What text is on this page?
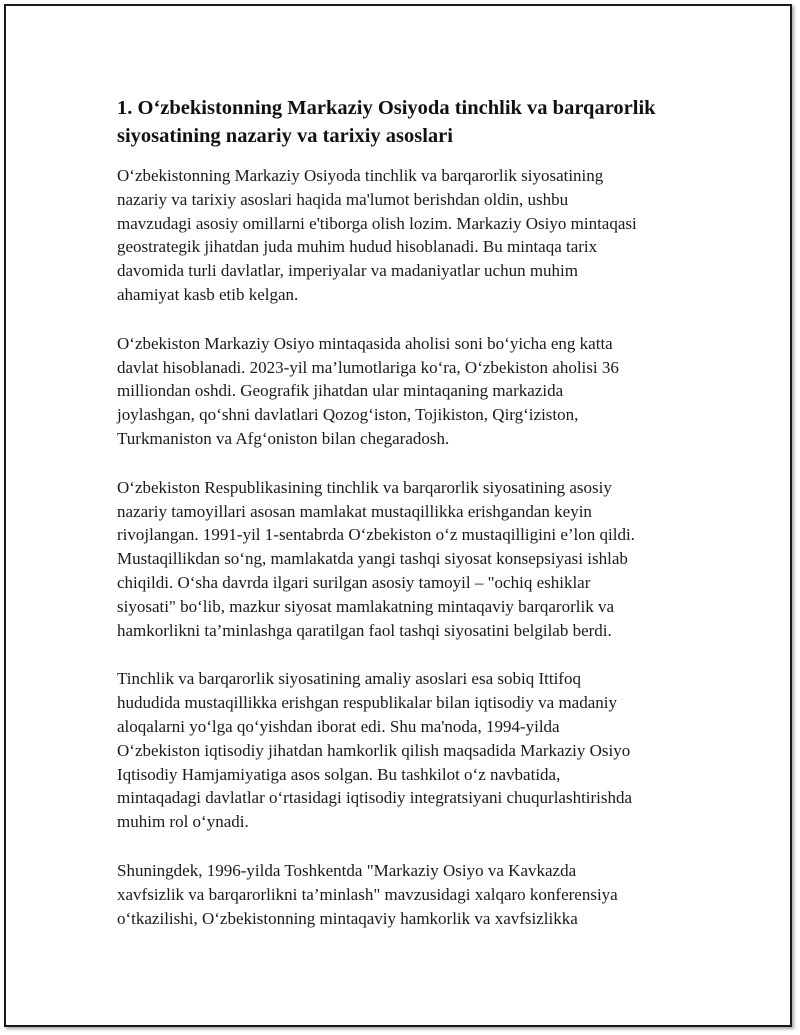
1. O‘zbekistonning Markaziy Osiyoda tinchlik va barqarorlik
siyosatining nazariy va tarixiy asoslari

O‘zbekistonning Markaziy Osiyoda tinchlik va barqarorlik siyosatining
nazariy va tarixiy asoslari haqida ma'lumot berishdan oldin, ushbu
mavzudagi asosiy omillarni e'tiborga olish lozim. Markaziy Osiyo mintaqasi
geostrategik jihatdan juda muhim hudud hisoblanadi. Bu mintaqa tarix
davomida turli davlatlar, imperiyalar va madaniyatlar uchun muhim
ahamiyat kasb etib kelgan.

O‘zbekiston Markaziy Osiyo mintaqasida aholisi soni bo‘yicha eng katta
davlat hisoblanadi. 2023-yil ma’lumotlariga ko‘ra, O‘zbekiston aholisi 36
milliondan oshdi. Geografik jihatdan ular mintaqaning markazida
joylashgan, qo‘shni davlatlari Qozog‘iston, Tojikiston, Qirg‘iziston,
Turkmaniston va Afg‘oniston bilan chegaradosh.

O‘zbekiston Respublikasining tinchlik va barqarorlik siyosatining asosiy
nazariy tamoyillari asosan mamlakat mustaqillikka erishgandan keyin
rivojlangan. 1991-yil 1-sentabrda O‘zbekiston o‘z mustaqilligini e’lon qildi.
Mustaqillikdan so‘ng, mamlakatda yangi tashqi siyosat konsepsiyasi ishlab
chiqildi. O‘sha davrda ilgari surilgan asosiy tamoyil – "ochiq eshiklar
siyosati" bo‘lib, mazkur siyosat mamlakatning mintaqaviy barqarorlik va
hamkorlikni ta’minlashga qaratilgan faol tashqi siyosatini belgilab berdi.

Tinchlik va barqarorlik siyosatining amaliy asoslari esa sobiq Ittifoq
hududida mustaqillikka erishgan respublikalar bilan iqtisodiy va madaniy
aloqalarni yo‘lga qo‘yishdan iborat edi. Shu ma'noda, 1994-yilda
O‘zbekiston iqtisodiy jihatdan hamkorlik qilish maqsadida Markaziy Osiyo
Iqtisodiy Hamjamiyatiga asos solgan. Bu tashkilot o‘z navbatida,
mintaqadagi davlatlar o‘rtasidagi iqtisodiy integratsiyani chuqurlashtirishda
muhim rol o‘ynadi.

Shuningdek, 1996-yilda Toshkentda "Markaziy Osiyo va Kavkazda
xavfsizlik va barqarorlikni ta’minlash" mavzusidagi xalqaro konferensiya
o‘tkazilishi, O‘zbekistonning mintaqaviy hamkorlik va xavfsizlikka
